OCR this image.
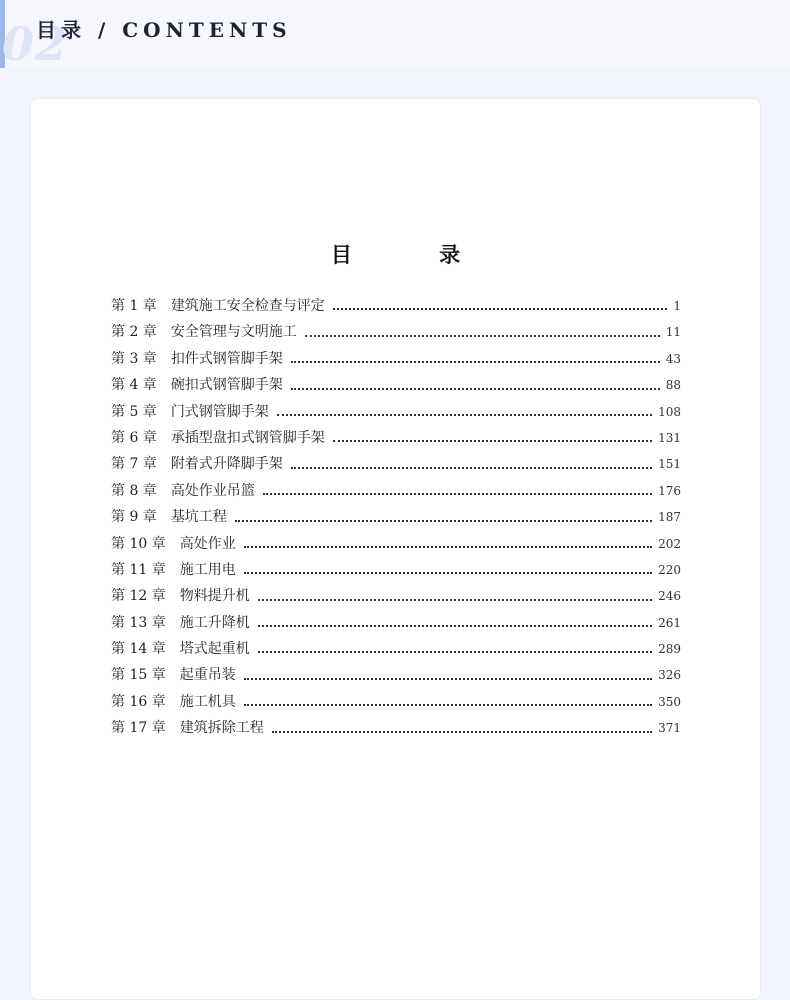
02
目录 / CONTENTS
目 录
第 1 章	建筑施工安全检查与评定	1
第 2 章	安全管理与文明施工	11
第 3 章	扣件式钢管脚手架	43
第 4 章	碗扣式钢管脚手架	88
第 5 章	门式钢管脚手架	108
第 6 章	承插型盘扣式钢管脚手架	131
第 7 章	附着式升降脚手架	151
第 8 章	高处作业吊篮	176
第 9 章	基坑工程	187
第 10 章	高处作业	202
第 11 章	施工用电	220
第 12 章	物料提升机	246
第 13 章	施工升降机	261
第 14 章	塔式起重机	289
第 15 章	起重吊装	326
第 16 章	施工机具	350
第 17 章	建筑拆除工程	371
